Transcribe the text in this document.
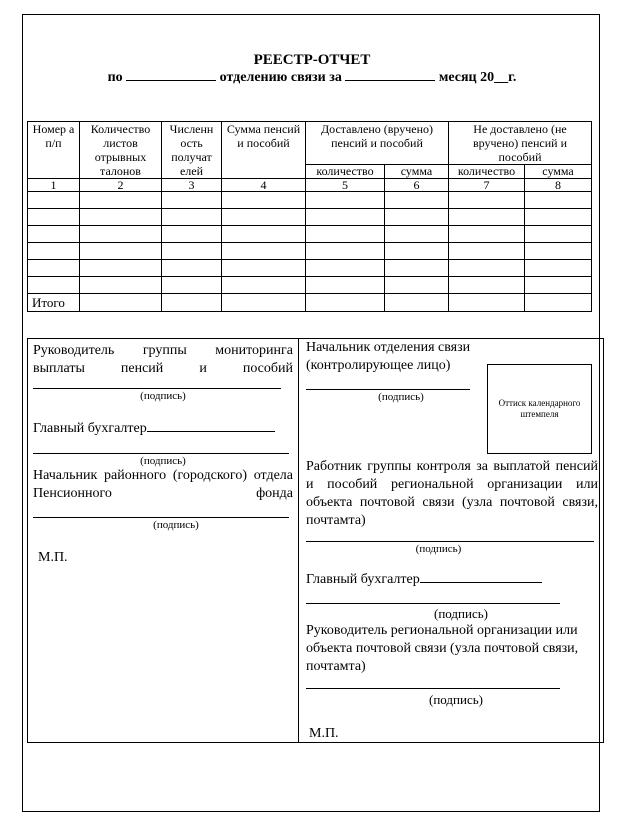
РЕЕСТР-ОТЧЕТ
по	отделению связи за	месяц 20__г.
Номер а п/п	Количество листов отрывных талонов	Численн ость получат елей	Сумма пенсий и пособий	Доставлено (вручено) пенсий и пособий		Не доставлено (не вручено) пенсий и пособий	
				количество	сумма	количество	сумма
1	2	3	4	5	6	7	8

Итого							
Руководитель группы мониторинга выплаты пенсий и пособий
(подпись)
Главный бухгалтер
(подпись)
Начальник районного (городского) отдела Пенсионного фонда
(подпись)
М.П.
Начальник отделения связи (контролирующее лицо)
(подпись)	Оттиск календарного штемпеля
Работник группы контроля за выплатой пенсий и пособий региональной организации или объекта почтовой связи (узла почтовой связи, почтамта)
(подпись)
Главный бухгалтер
(подпись)
Руководитель региональной организации или объекта почтовой связи (узла почтовой связи, почтамта)
(подпись)
М.П.
